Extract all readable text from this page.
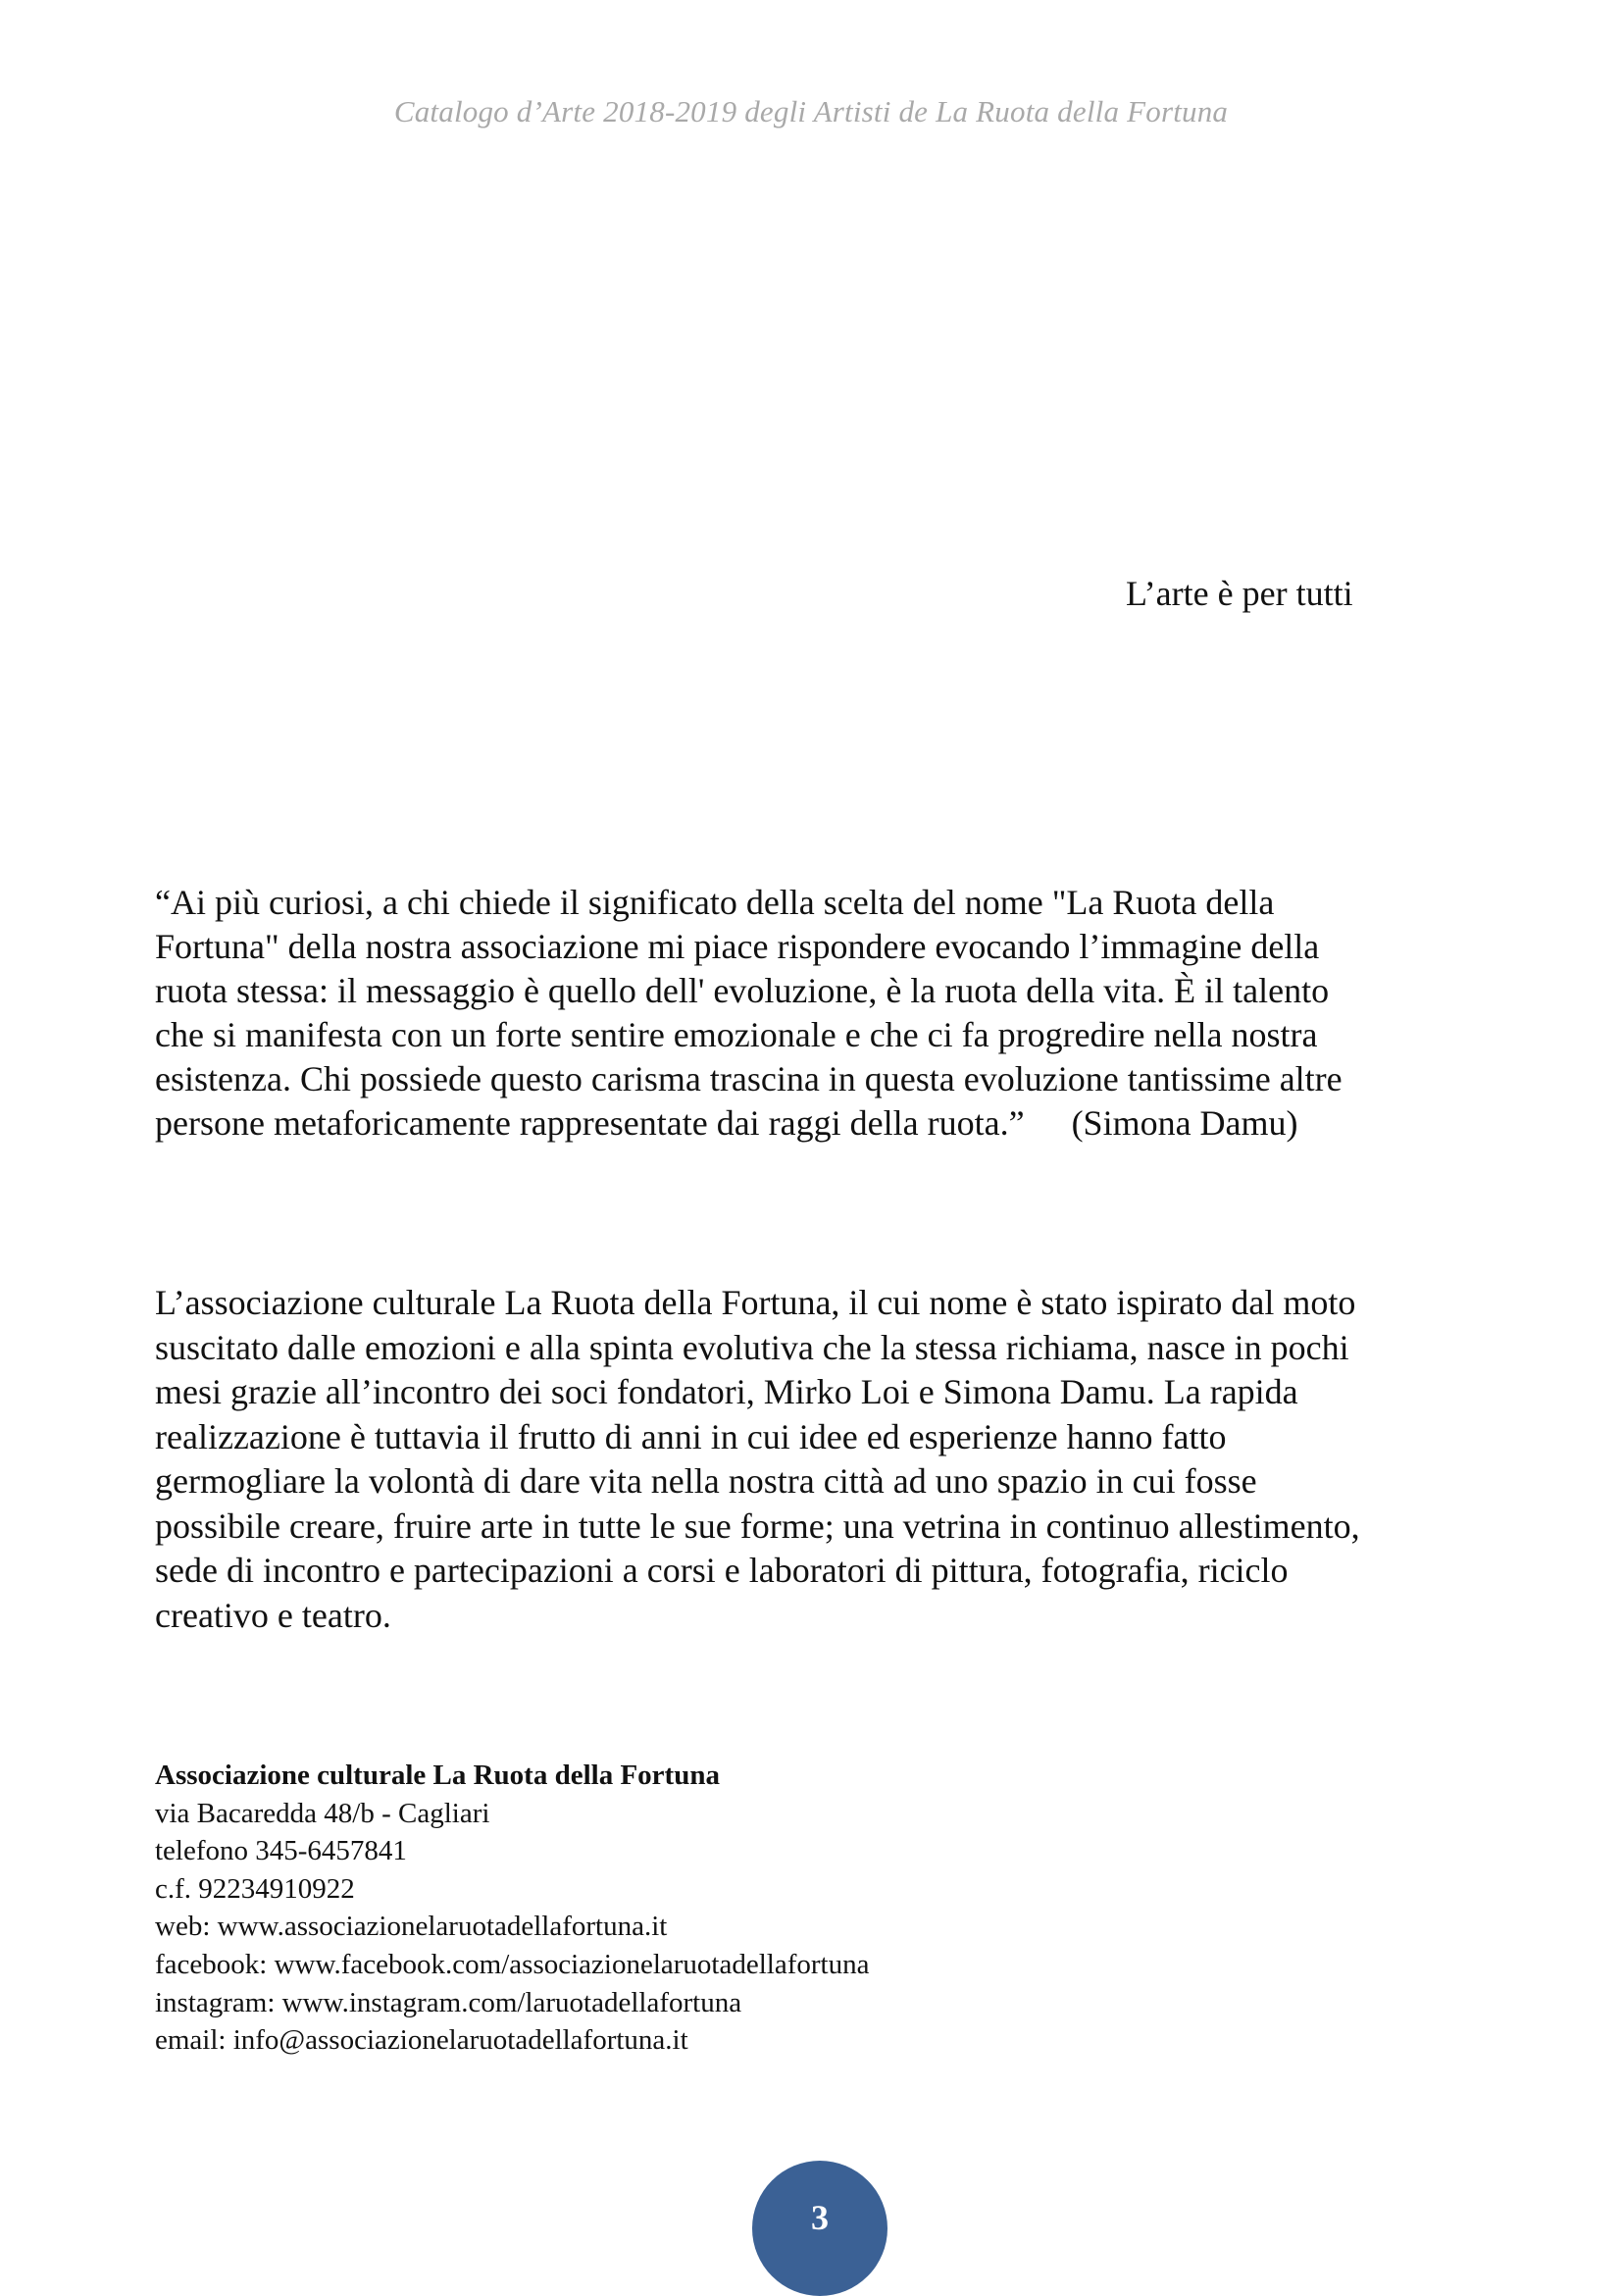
Catalogo d’Arte 2018-2019 degli Artisti de La Ruota della Fortuna
L’arte è per tutti
“Ai più curiosi, a chi chiede il significato della scelta del nome "La Ruota della
Fortuna" della nostra associazione mi piace rispondere evocando l’immagine della
ruota stessa: il messaggio è quello dell' evoluzione, è la ruota della vita. È il talento
che si manifesta con un forte sentire emozionale e che ci fa progredire nella nostra
esistenza. Chi possiede questo carisma trascina in questa evoluzione tantissime altre
persone metaforicamente rappresentate dai raggi della ruota.” (Simona Damu)
L’associazione culturale La Ruota della Fortuna, il cui nome è stato ispirato dal moto
suscitato dalle emozioni e alla spinta evolutiva che la stessa richiama, nasce in pochi
mesi grazie all’incontro dei soci fondatori, Mirko Loi e Simona Damu. La rapida
realizzazione è tuttavia il frutto di anni in cui idee ed esperienze hanno fatto
germogliare la volontà di dare vita nella nostra città ad uno spazio in cui fosse
possibile creare, fruire arte in tutte le sue forme; una vetrina in continuo allestimento,
sede di incontro e partecipazioni a corsi e laboratori di pittura, fotografia, riciclo
creativo e teatro.
Associazione culturale La Ruota della Fortuna
via Bacaredda 48/b - Cagliari
telefono 345-6457841
c.f. 92234910922
web: www.associazionelaruotadellafortuna.it
facebook: www.facebook.com/associazionelaruotadellafortuna
instagram: www.instagram.com/laruotadellafortuna
email: info@associazionelaruotadellafortuna.it
3
